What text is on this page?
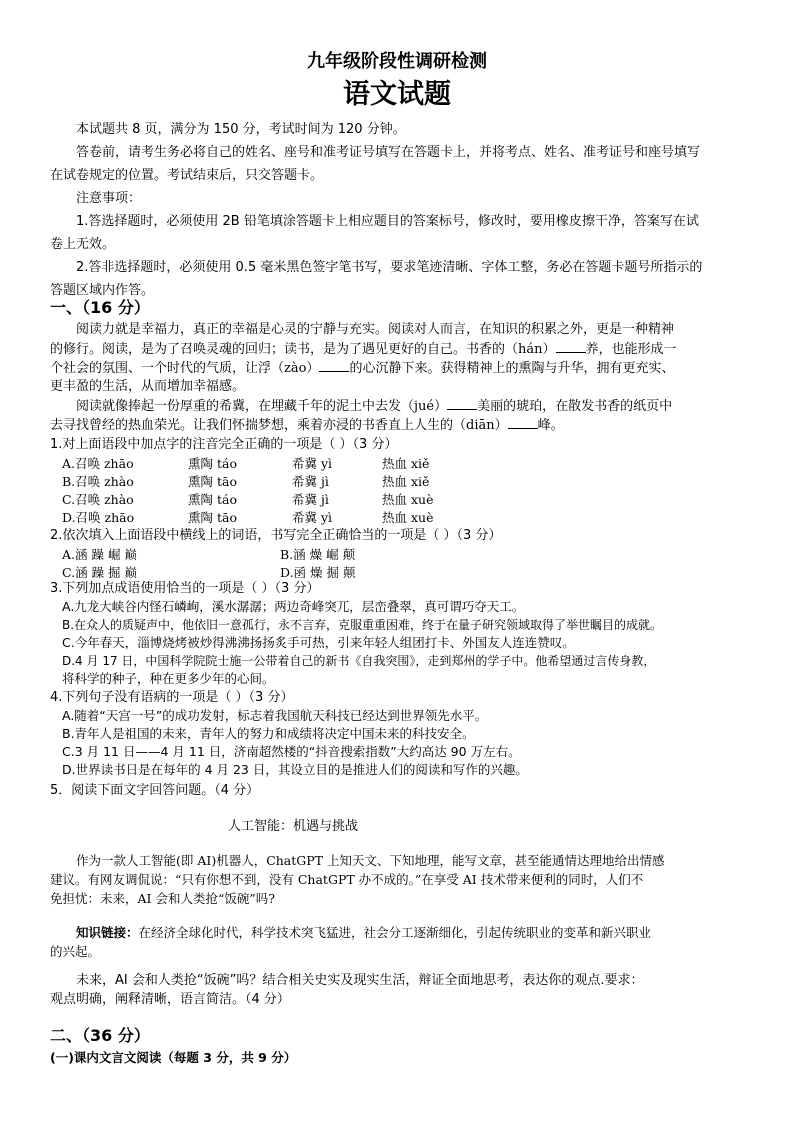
九年级阶段性调研检测
语文试题
本试题共 8 页，满分为 150 分，考试时间为 120 分钟。
答卷前，请考生务必将自己的姓名、座号和准考证号填写在答题卡上，并将考点、姓名、准考证号和座号填写
在试卷规定的位置。考试结束后，只交答题卡。
注意事项：
1.答选择题时，必须使用 2B 铅笔填涂答题卡上相应题目的答案标号，修改时，要用橡皮擦干净，答案写在试
卷上无效。
2.答非选择题时，必须使用 0.5 毫米黑色签字笔书写，要求笔迹清晰、字体工整，务必在答题卡题号所指示的
答题区域内作答。
一、（16 分）
阅读力就是幸福力，真正的幸福是心灵的宁静与充实。阅读对人而言，在知识的积累之外，更是一种精神
的修行。阅读，是为了召唤灵魂的回归；读书，是为了遇见更好的自己。书香的（hán） 养，也能形成一
个社会的氛围、一个时代的气质，让浮（zào） 的心沉静下来。获得精神上的熏陶与升华，拥有更充实、
更丰盈的生活，从而增加幸福感。
阅读就像捧起一份厚重的希冀，在埋藏千年的泥土中去发（jué） 美丽的琥珀，在散发书香的纸页中
去寻找曾经的热血荣光。让我们怀揣梦想，乘着亦浸的书香直上人生的（diān） 峰。
1.对上面语段中加点字的注音完全正确的一项是（ ）（3 分）
A.召唤 zhāo	熏陶 táo	希冀 yì	热血 xiě
B.召唤 zhào	熏陶 tāo	希冀 jì	热血 xiě
C.召唤 zhào	熏陶 táo	希冀 jì	热血 xuè
D.召唤 zhāo	熏陶 tāo	希冀 yì	热血 xuè
2.依次填入上面语段中横线上的词语，书写完全正确恰当的一项是（ ）（3 分）
A.涵 躁 崛 巅	B.涵 燥 崛 颠
C.涵 躁 掘 巅	D.函 燥 掘 颠
3.下列加点成语使用恰当的一项是（ ）（3 分）
A.九龙大峡谷内怪石嶙峋，溪水潺潺；两边奇峰突兀，层峦叠翠，真可谓巧夺天工。
B.在众人的质疑声中，他依旧一意孤行，永不言弃，克服重重困难，终于在量子研究领域取得了举世瞩目的成就。
C.今年春天，淄博烧烤被炒得沸沸扬扬炙手可热，引来年轻人组团打卡、外国友人连连赞叹。
D.4 月 17 日，中国科学院院士施一公带着自己的新书《自我突围》，走到郑州的学子中。他希望通过言传身教，
将科学的种子，种在更多少年的心间。
4.下列句子没有语病的一项是（ ）（3 分）
A.随着“天宫一号”的成功发射，标志着我国航天科技已经达到世界领先水平。
B.青年人是祖国的未来，青年人的努力和成绩将决定中国未来的科技安全。
C.3 月 11 日——4 月 11 日，济南超然楼的“抖音搜索指数”大约高达 90 万左右。
D.世界读书日是在每年的 4 月 23 日，其设立目的是推进人们的阅读和写作的兴趣。
5．阅读下面文字回答问题。（4 分）
人工智能：机遇与挑战
作为一款人工智能(即 AI)机器人，ChatGPT 上知天文、下知地理，能写文章，甚至能通情达理地给出情感
建议。有网友调侃说：“只有你想不到，没有 ChatGPT 办不成的。”在享受 AI 技术带来便利的同时，人们不
免担忧：未来，AI 会和人类抢“饭碗”吗?
知识链接：在经济全球化时代，科学技术突飞猛进，社会分工逐渐细化，引起传统职业的变革和新兴职业
的兴起。
未来，AI 会和人类抢“饭碗”吗？结合相关史实及现实生活，辩证全面地思考，表达你的观点.要求：
观点明确，阐释清晰，语言简洁。（4 分）
二、（36 分）
(一)课内文言文阅读（每题 3 分，共 9 分）
